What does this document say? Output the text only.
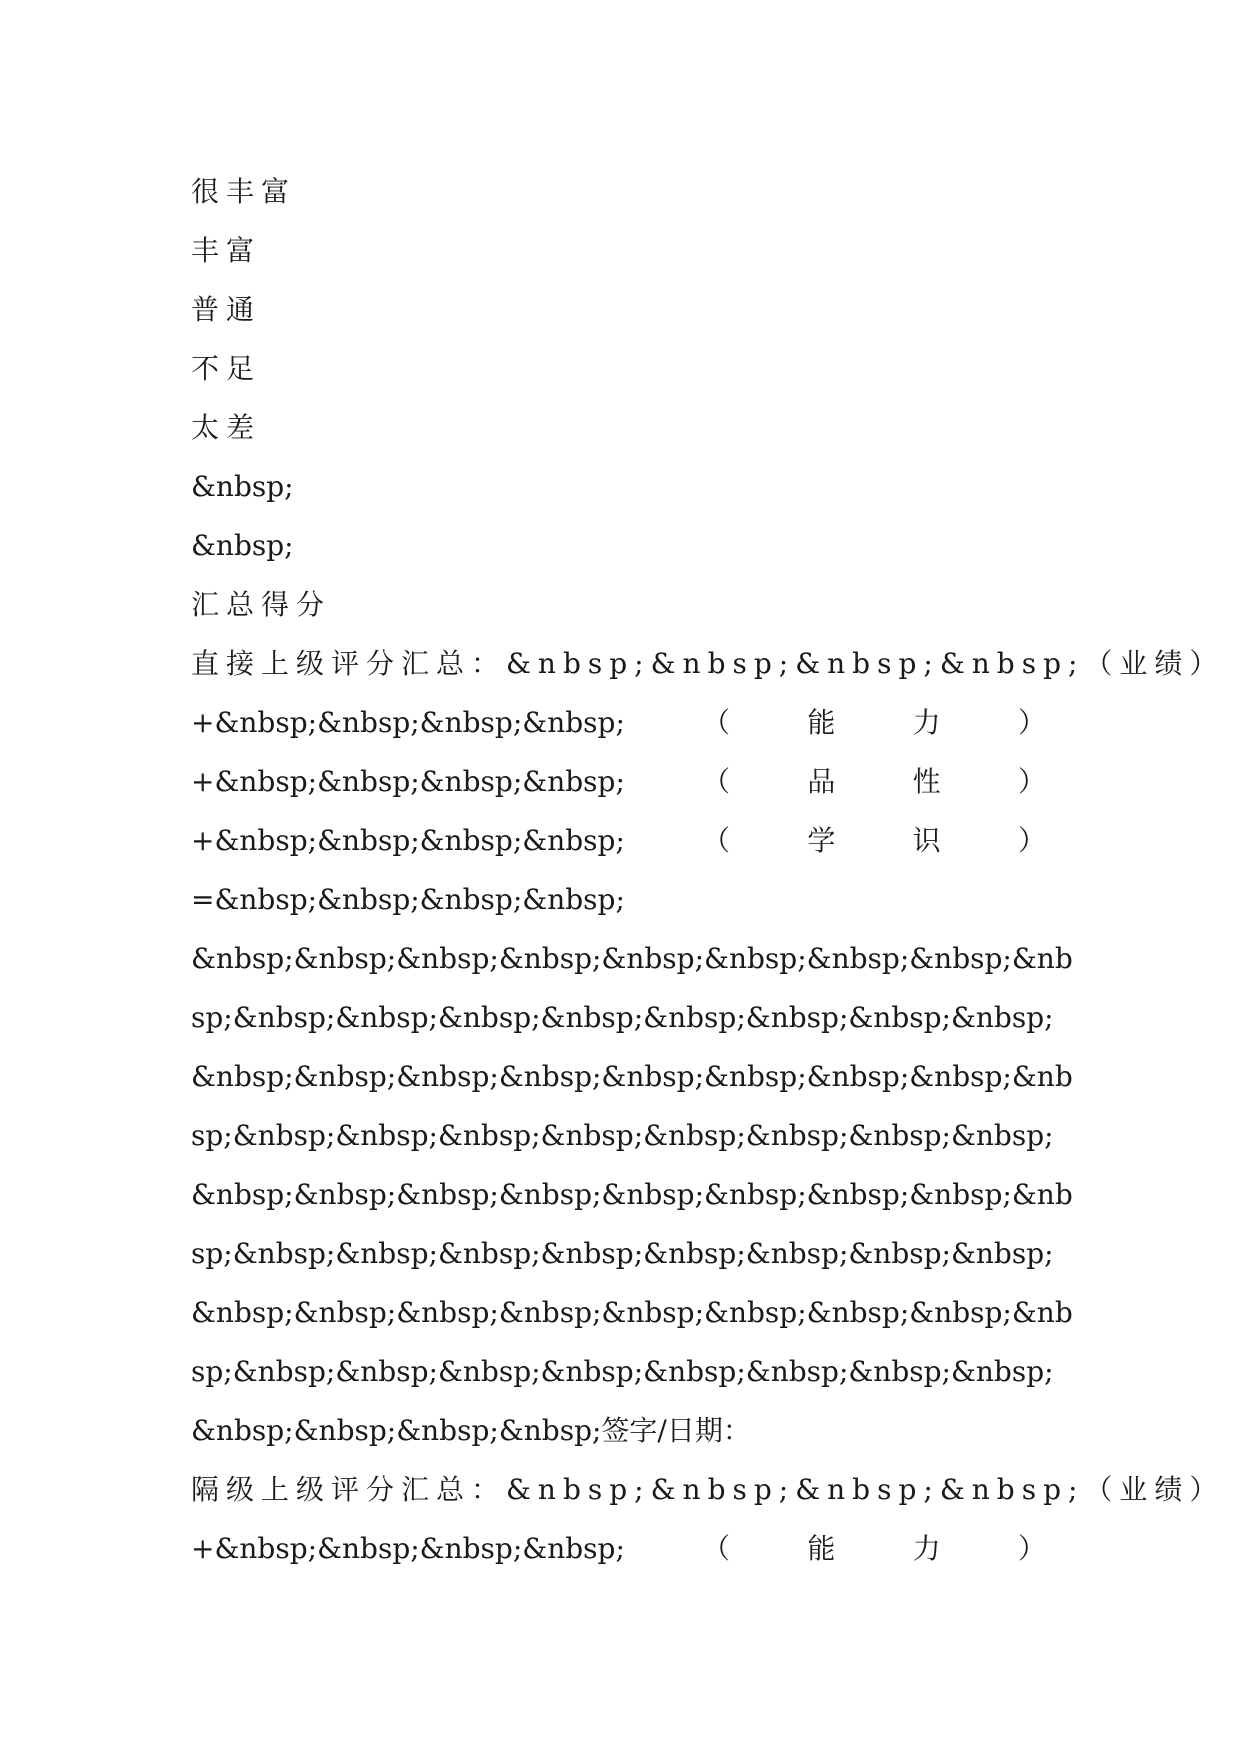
很丰富
丰富
普通
不足
太差
&nbsp;
&nbsp;
汇总得分
直接上级评分汇总：&nbsp;&nbsp;&nbsp;&nbsp;（业绩）
+&nbsp;&nbsp;&nbsp;&nbsp;	（	能	力	）
+&nbsp;&nbsp;&nbsp;&nbsp;	（	品	性	）
+&nbsp;&nbsp;&nbsp;&nbsp;	（	学	识	）
=&nbsp;&nbsp;&nbsp;&nbsp;
&nbsp;&nbsp;&nbsp;&nbsp;&nbsp;&nbsp;&nbsp;&nbsp;&nb
sp;&nbsp;&nbsp;&nbsp;&nbsp;&nbsp;&nbsp;&nbsp;&nbsp;
&nbsp;&nbsp;&nbsp;&nbsp;&nbsp;&nbsp;&nbsp;&nbsp;&nb
sp;&nbsp;&nbsp;&nbsp;&nbsp;&nbsp;&nbsp;&nbsp;&nbsp;
&nbsp;&nbsp;&nbsp;&nbsp;&nbsp;&nbsp;&nbsp;&nbsp;&nb
sp;&nbsp;&nbsp;&nbsp;&nbsp;&nbsp;&nbsp;&nbsp;&nbsp;
&nbsp;&nbsp;&nbsp;&nbsp;&nbsp;&nbsp;&nbsp;&nbsp;&nb
sp;&nbsp;&nbsp;&nbsp;&nbsp;&nbsp;&nbsp;&nbsp;&nbsp;
&nbsp;&nbsp;&nbsp;&nbsp;签字/日期：
隔级上级评分汇总：&nbsp;&nbsp;&nbsp;&nbsp;（业绩）
+&nbsp;&nbsp;&nbsp;&nbsp;	（	能	力	）
